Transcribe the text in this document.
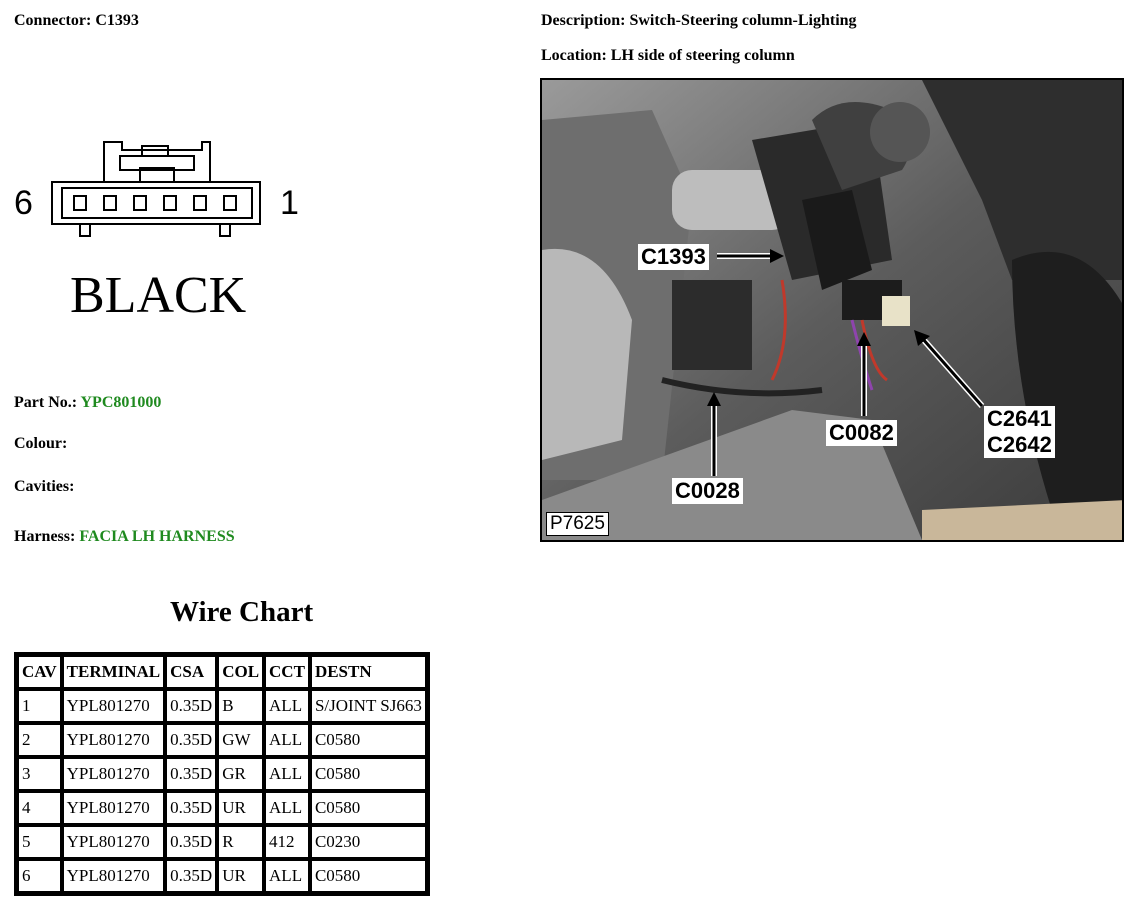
Connector: C1393	Description: Switch-Steering column-Lighting
Location: LH side of steering column
6	1
BLACK
Part No.: YPC801000
Colour:
Cavities:
Harness: FACIA LH HARNESS
Wire Chart
CAV	TERMINAL	CSA	COL	CCT	DESTN
1	YPL801270	0.35D	B	ALL	S/JOINT SJ663
2	YPL801270	0.35D	GW	ALL	C0580
3	YPL801270	0.35D	GR	ALL	C0580
4	YPL801270	0.35D	UR	ALL	C0580
5	YPL801270	0.35D	R	412	C0230
6	YPL801270	0.35D	UR	ALL	C0580
C1393
C0082
C0028
C2641
C2642
P7625
